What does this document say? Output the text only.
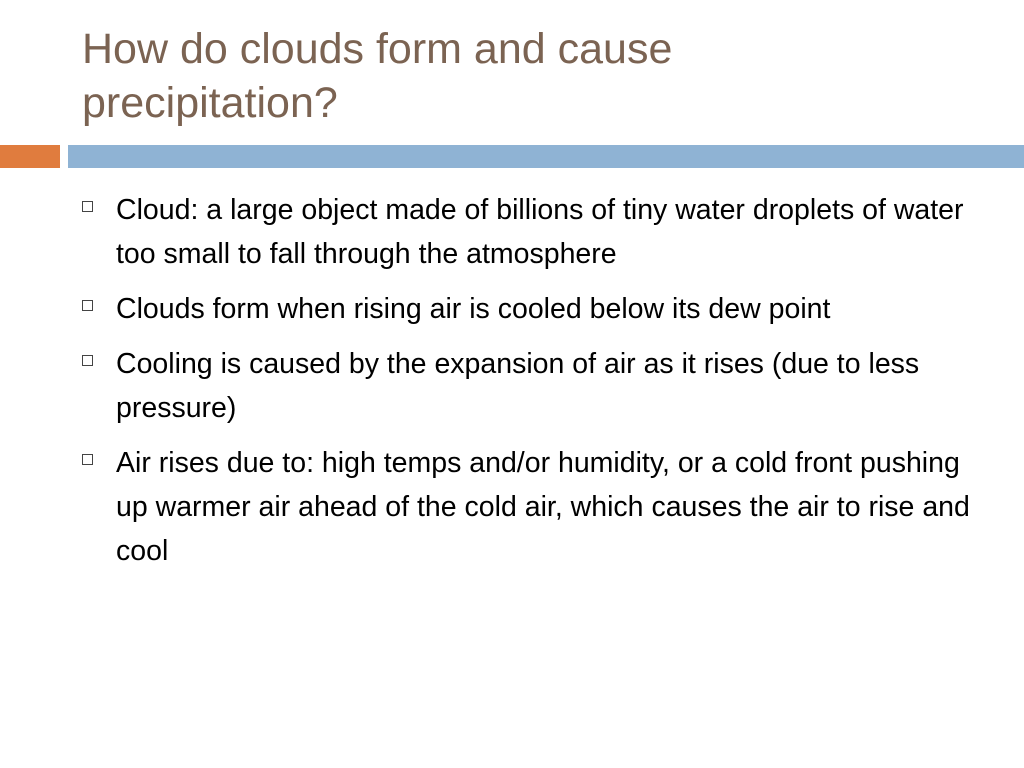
How do clouds form and cause
precipitation?
Cloud: a large object made of billions of tiny water droplets of water too small to fall through the atmosphere
Clouds form when rising air is cooled below its dew point
Cooling is caused by the expansion of air as it rises (due to less pressure)
Air rises due to: high temps and/or humidity, or a cold front pushing up warmer air ahead of the cold air, which causes the air to rise and cool
